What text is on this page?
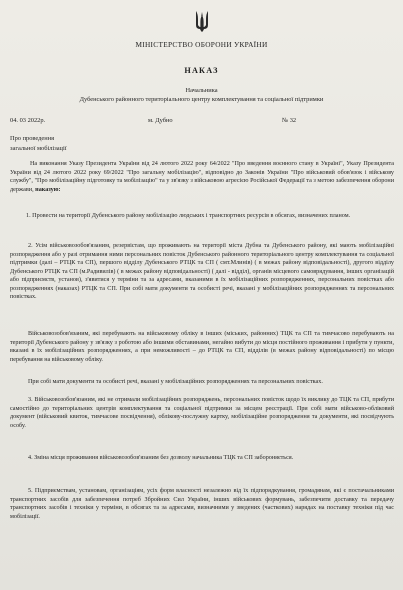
МІНІСТЕРСТВО ОБОРОНИ УКРАЇНИ
НАКАЗ
Начальника
Дубенського районного територіального центру комплектування та соціальної підтримки
04. 03 2022р.	м. Дубно	№ 32
Про проведення
загальної мобілізації
На виконання Указу Президента України від 24 лютого 2022 року 64/2022 "Про введення воєнного стану в Україні", Указу Президента України від 24 лютого 2022 року 69/2022 "Про загальну мобілізацію", відповідно до Законів України "Про військовий обов'язок і військову службу", "Про мобілізаційну підготовку та мобілізацію" та у зв'язку з військовою агресією Російської Федерації та з метою забезпечення оборони держави, наказую:
1. Провести на території Дубенського району мобілізацію людських і транспортних ресурсів в обсягах, визначених планом.
2. Усім військовозобов'язаним, резервістам, що проживають на території міста Дубна та Дубенського району, які мають мобілізаційні розпорядження або у разі отримання ними персональних повісток Дубенського районного територіального центру комплектування та соціальної підтримки (далі – РТЦК та СП), першого відділу Дубенського РТЦК та СП ( смт.Млинів) ( в межах району відповідальності), другого відділу Дубенського РТЦК та СП (м.Радивилів) ( в межах району відповідальності) ( далі - відділ), органів місцевого самоврядування, інших організацій або підприємств, установ), з'явитися у терміни та за адресами, вказаними в їх мобілізаційних розпорядженнях, персональних повістках або розпорядженнях (наказах) РТЦК та СП. При собі мати документи та особисті речі, вказані у мобілізаційних розпорядженнях та персональних повістках.
Військовозобов'язаним, які перебувають на військовому обліку в інших (міських, районних) ТЦК та СП та тимчасово перебувають на території Дубенського району у зв'язку з роботою або іншими обставинами, негайно вибути до місця постійного проживання і прибути у пункти, вказані в їх мобілізаційних розпорядженнях, а при неможливості – до РТЦК та СП, відділів (в межах району відповідальності) по місцю перебування на військовому обліку.
При собі мати документи та особисті речі, вказані у мобілізаційних розпорядженнях та персональних повістках.
3. Військовозобов'язаним, які не отримали мобілізаційних розпоряджень, персональних повісток щодо їх виклику до ТЦК та СП, прибути самостійно до територіальних центрів комплектування та соціальної підтримки за місцем реєстрації. При собі мати військово-обліковий документ (військовий квиток, тимчасове посвідчення), облікову-послужну картку, мобілізаційне розпорядження та документи, які посвідчують особу.
4. Зміна місця проживання військовозобов'язаним без дозволу начальника ТЦК та СП забороняється.
5. Підприємствам, установам, організаціям, усіх форм власності незалежно від їх підпорядкування, громадянам, які є постачальниками транспортних засобів для забезпечення потреб Збройних Сил України, інших військових формувань, забезпечити доставку та передачу транспортних засобів і техніки у терміни, в обсягах та за адресами, визначними у зведених (часткових) нарядах на поставку техніки під час мобілізації.
